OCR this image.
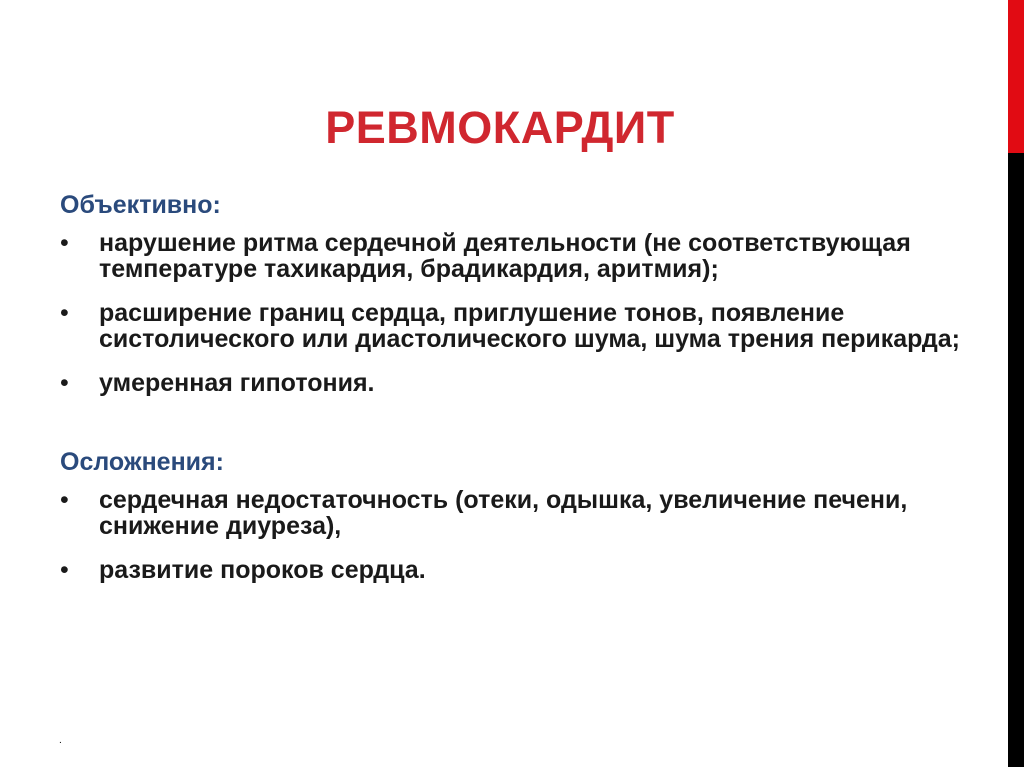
РЕВМОКАРДИТ
Объективно:
•	нарушение ритма сердечной деятельности (не соответствующая температуре тахикардия, брадикардия, аритмия);
•	расширение границ сердца, приглушение тонов, появление систолического или диастолического шума, шума трения перикарда;
•	умеренная гипотония.
Осложнения:
•	сердечная недостаточность (отеки, одышка, увеличение печени, снижение диуреза),
•	развитие пороков сердца.
.
